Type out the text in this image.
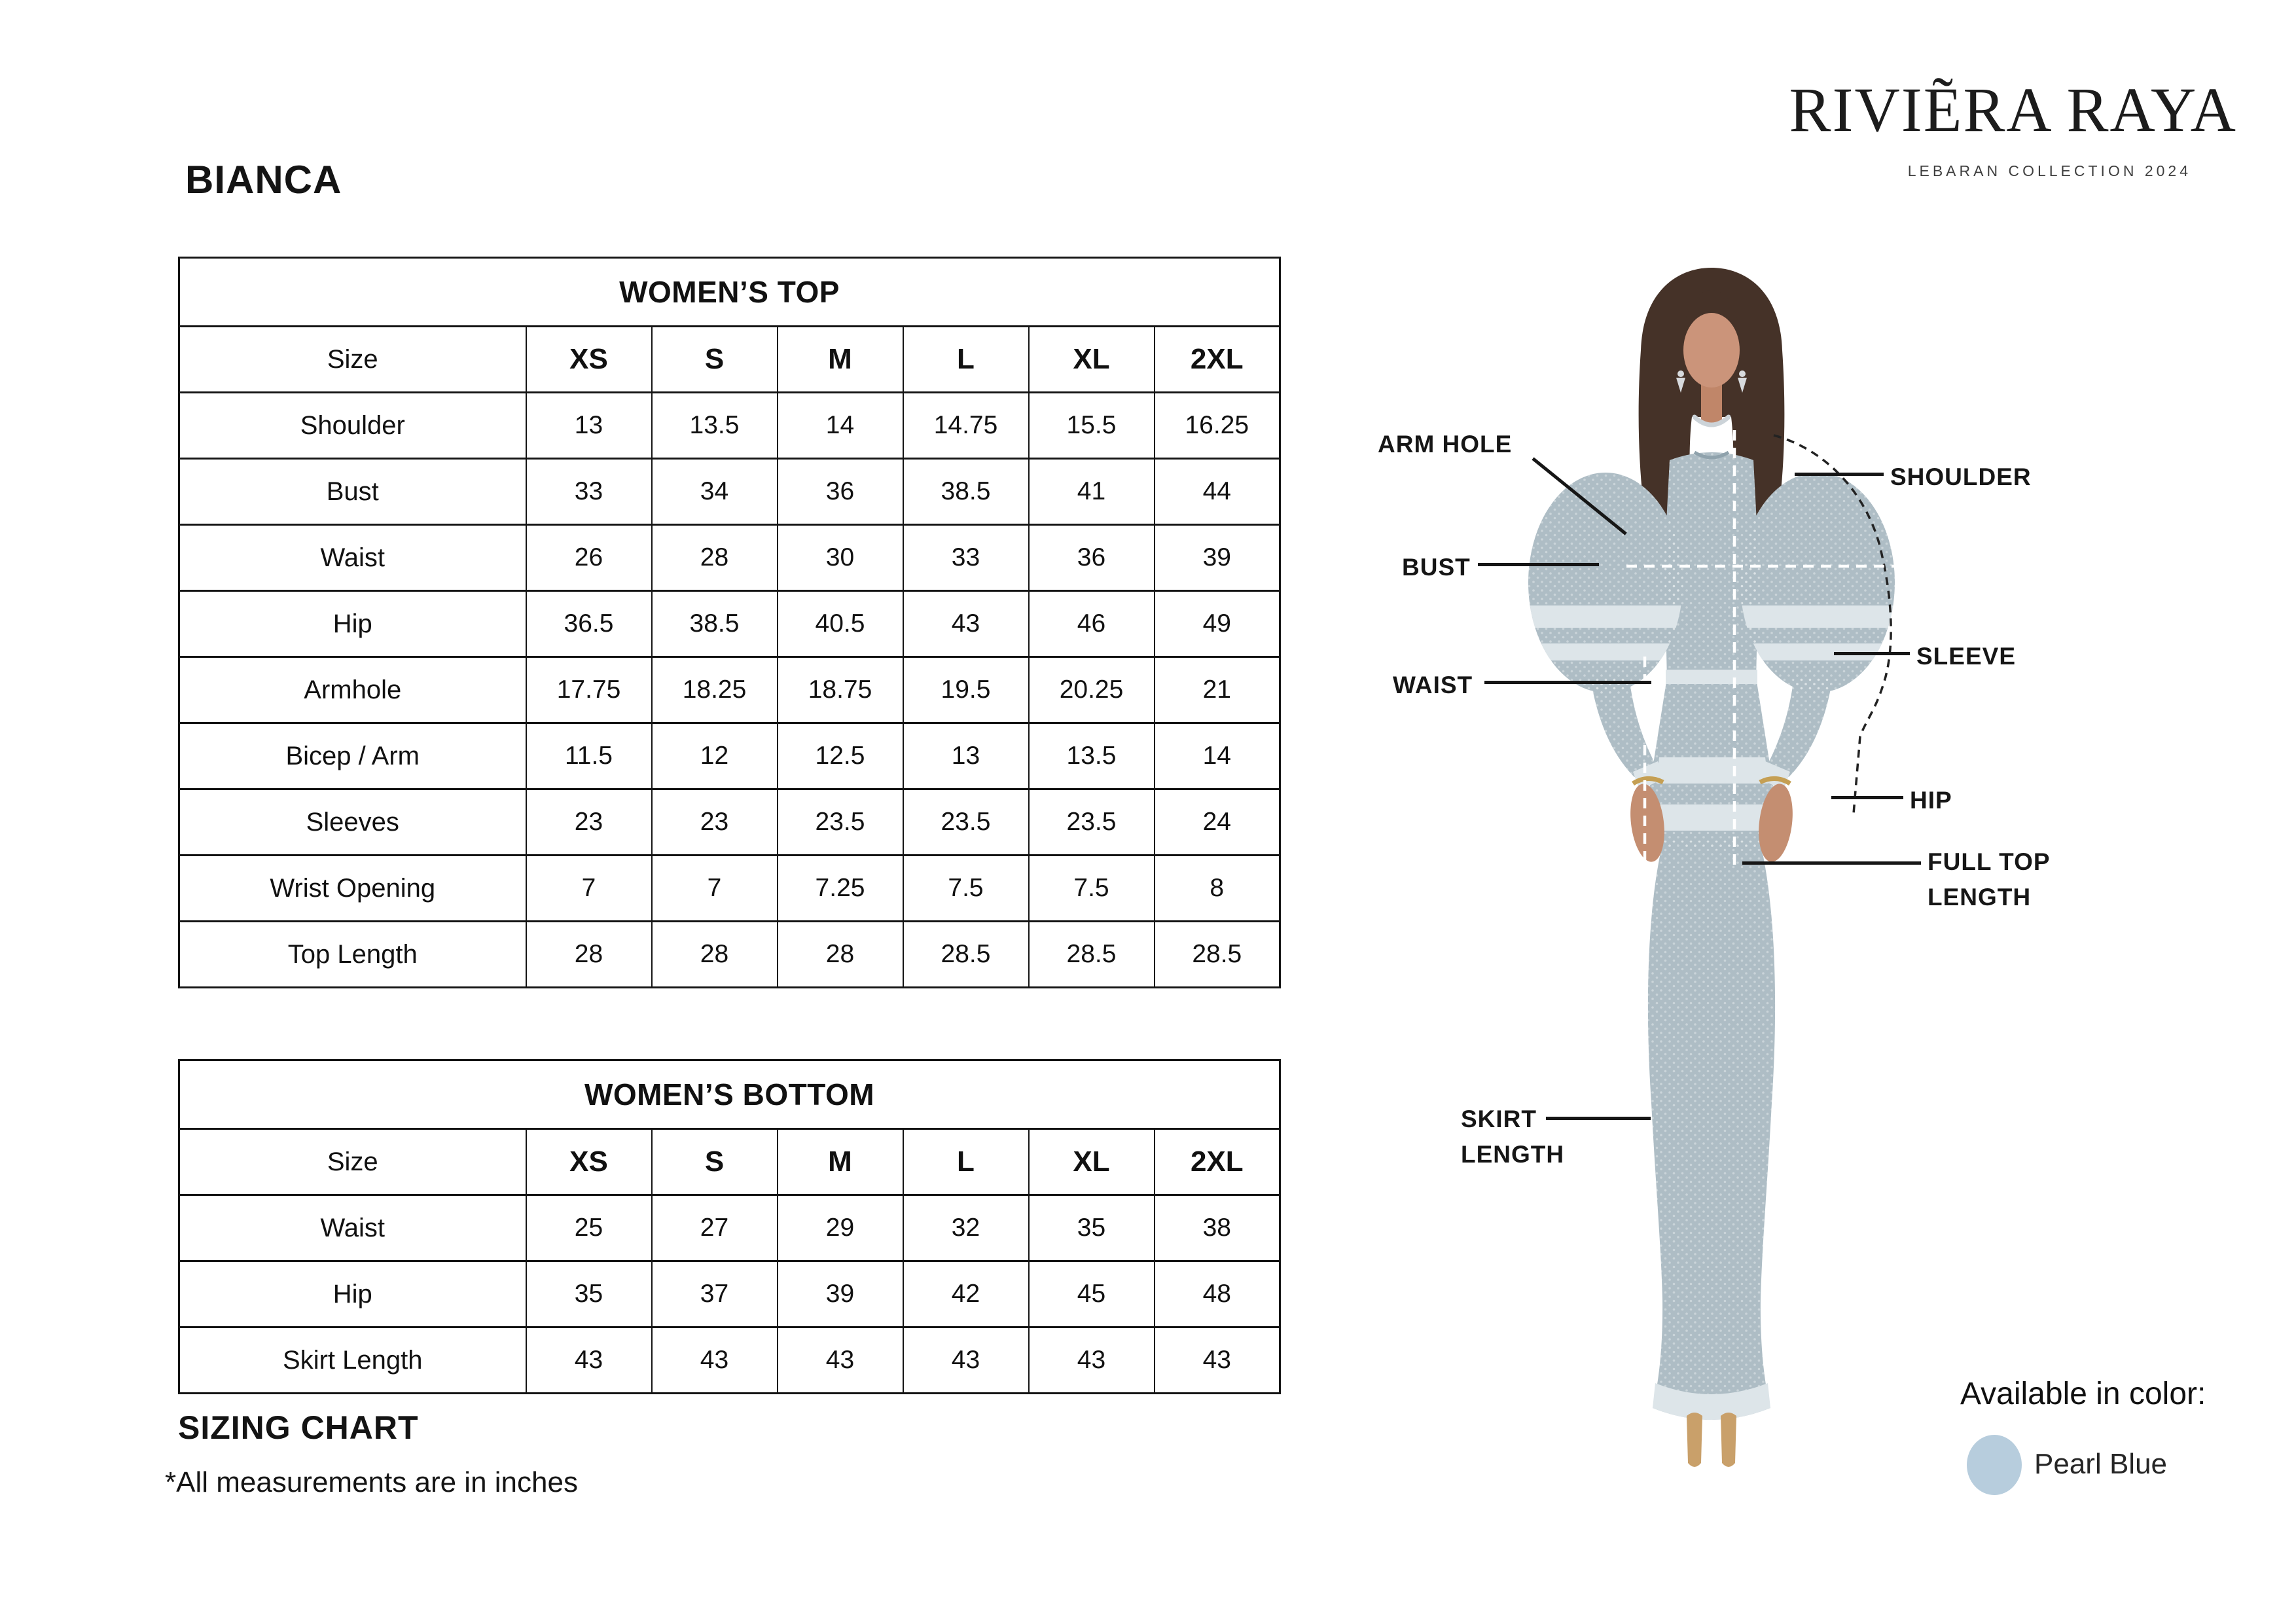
BIANCA
RIVIẼRA RAYA
LEBARAN COLLECTION 2024
SIZING CHART
*All measurements are in inches
WOMEN’S TOP						
Size	XS	S	M	L	XL	2XL
Shoulder	13	13.5	14	14.75	15.5	16.25
Bust	33	34	36	38.5	41	44
Waist	26	28	30	33	36	39
Hip	36.5	38.5	40.5	43	46	49
Armhole	17.75	18.25	18.75	19.5	20.25	21
Bicep / Arm	11.5	12	12.5	13	13.5	14
Sleeves	23	23	23.5	23.5	23.5	24
Wrist Opening	7	7	7.25	7.5	7.5	8
Top Length	28	28	28	28.5	28.5	28.5
WOMEN’S BOTTOM						
Size	XS	S	M	L	XL	2XL
Waist	25	27	29	32	35	38
Hip	35	37	39	42	45	48
Skirt Length	43	43	43	43	43	43
ARM HOLE
SHOULDER
BUST
WAIST
SLEEVE
HIP
FULL TOP LENGTH
SKIRT LENGTH
Available in color:
Pearl Blue
